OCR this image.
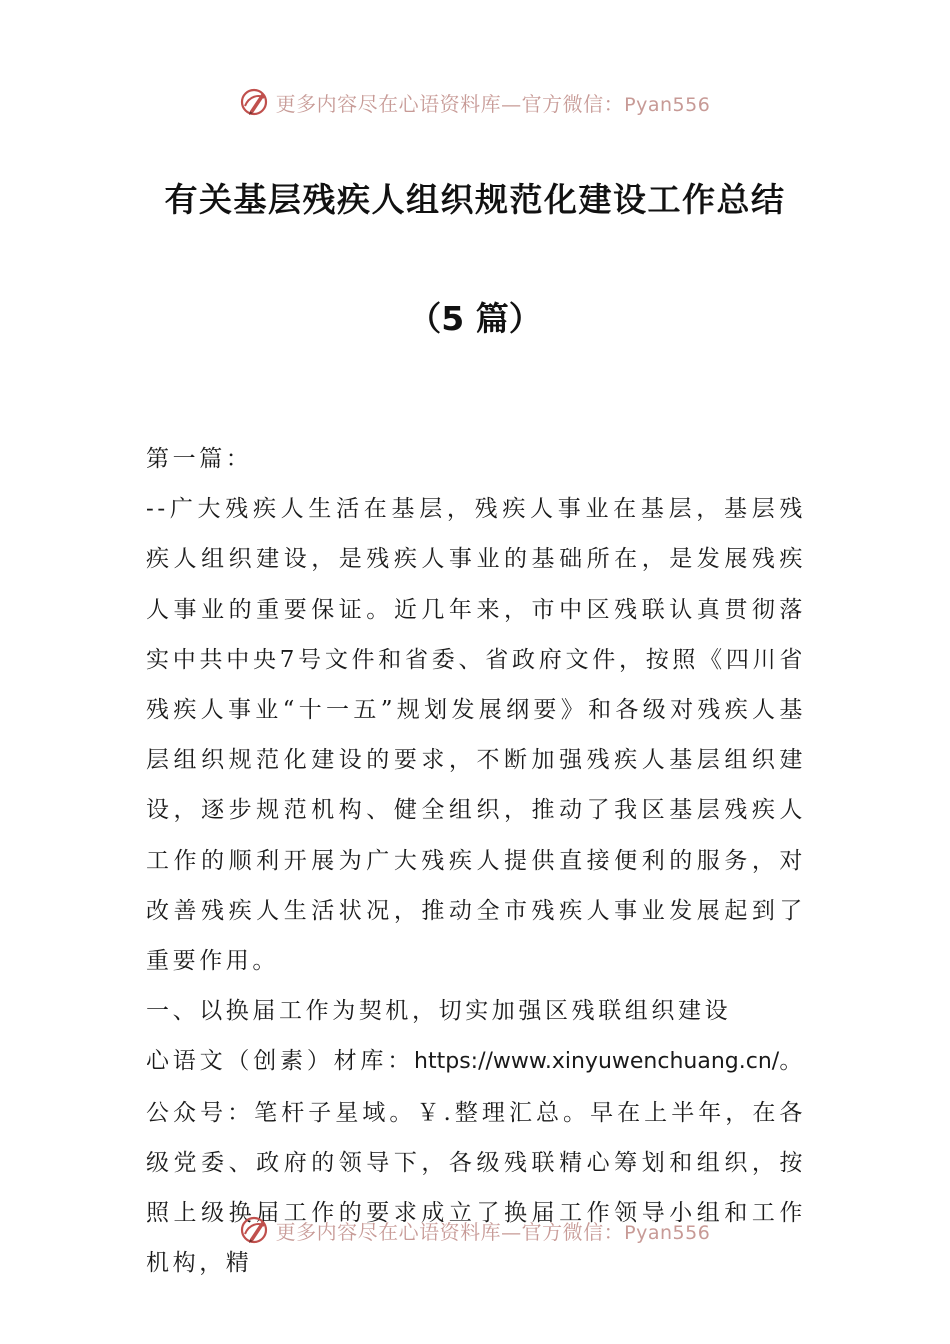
更多内容尽在心语资料库—官方微信：Pyan556
有关基层残疾人组织规范化建设工作总结
（5 篇）

第一篇：

--广大残疾人生活在基层，残疾人事业在基层，基层残疾人组织建设，是残疾人事业的基础所在，是发展残疾人事业的重要保证。近几年来，市中区残联认真贯彻落实中共中央7号文件和省委、省政府文件，按照《四川省残疾人事业“十一五”规划发展纲要》和各级对残疾人基层组织规范化建设的要求，不断加强残疾人基层组织建设，逐步规范机构、健全组织，推动了我区基层残疾人工作的顺利开展为广大残疾人提供直接便利的服务，对改善残疾人生活状况，推动全市残疾人事业发展起到了重要作用。

一、以换届工作为契机，切实加强区残联组织建设

心语文（创素）材库：https://www.xinyuwenchuang.cn/。公众号：笔杆子星域。￥.整理汇总。早在上半年，在各级党委、政府的领导下，各级残联精心筹划和组织，按照上级换届工作的要求成立了换届工作领导小组和工作机构，精

更多内容尽在心语资料库—官方微信：Pyan556
